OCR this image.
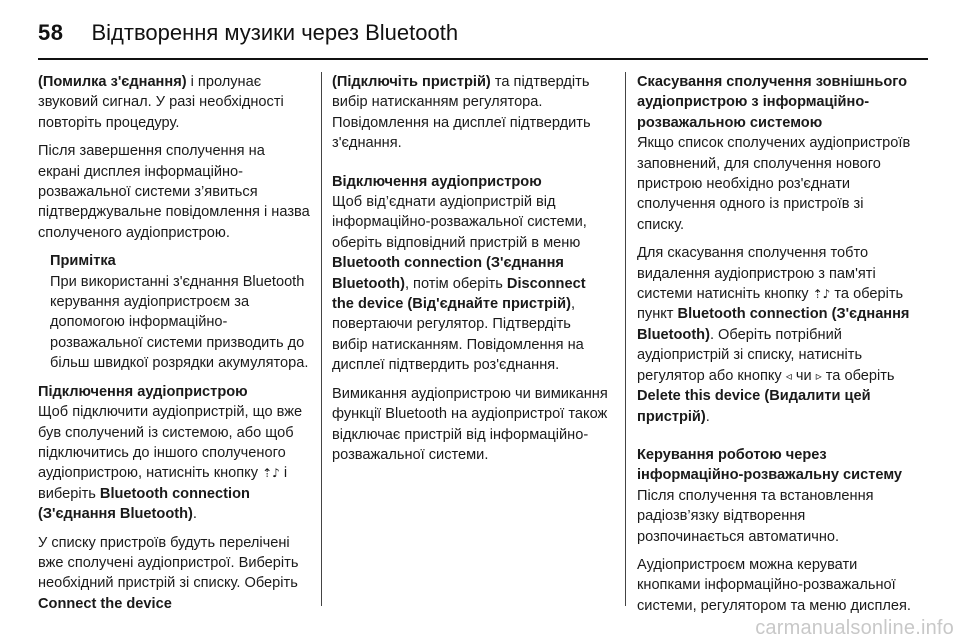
58 Відтворення музики через Bluetooth

(Помилка з'єднання) і пролунає звуковий сигнал. У разі необхідності повторіть процедуру.

Після завершення сполучення на екрані дисплея інформаційно-розважальної системи з’явиться підтверджувальне повідомлення і назва сполученого аудіопристрою.

Примітка
При використанні з'єднання Bluetooth керування аудіопристроєм за допомогою інформаційно-розважальної системи призводить до більш швидкої розрядки акумулятора.
Підключення аудіопристрою

Щоб підключити аудіопристрій, що вже був сполучений із системою, або щоб підключитись до іншого сполученого аудіопристрою, натисніть кнопку ⇡♪ і виберіть Bluetooth connection (З'єднання Bluetooth).

У списку пристроїв будуть перелічені вже сполучені аудіопристрої. Виберіть необхідний пристрій зі списку. Оберіть Connect the device

(Підключіть пристрій) та підтвердіть вибір натисканням регулятора. Повідомлення на дисплеї підтвердить з'єднання.

Відключення аудіопристрою

Щоб від’єднати аудіопристрій від інформаційно-розважальної системи, оберіть відповідний пристрій в меню Bluetooth connection (З'єднання Bluetooth), потім оберіть Disconnect the device (Від'єднайте пристрій), повертаючи регулятор. Підтвердіть вибір натисканням. Повідомлення на дисплеї підтвердить роз'єднання.

Вимикання аудіопристрою чи вимикання функції Bluetooth на аудіопристрої також відключає пристрій від інформаційно-розважальної системи.

Скасування сполучення зовнішнього аудіопристрою з інформаційно-розважальною системою

Якщо список сполучених аудіопристроїв заповнений, для сполучення нового пристрою необхідно роз'єднати сполучення одного із пристроїв зі списку.

Для скасування сполучення тобто видалення аудіопристрою з пам'яті системи натисніть кнопку ⇡♪ та оберіть пункт Bluetooth connection (З'єднання Bluetooth). Оберіть потрібний аудіопристрій зі списку, натисніть регулятор або кнопку ◃ чи ▹ та оберіть Delete this device (Видалити цей пристрій).

Керування роботою через інформаційно-розважальну систему

Після сполучення та встановлення радіозв’язку відтворення розпочинається автоматично.

Аудіопристроєм можна керувати кнопками інформаційно-розважальної системи, регулятором та меню дисплея.

carmanualsonline.info
